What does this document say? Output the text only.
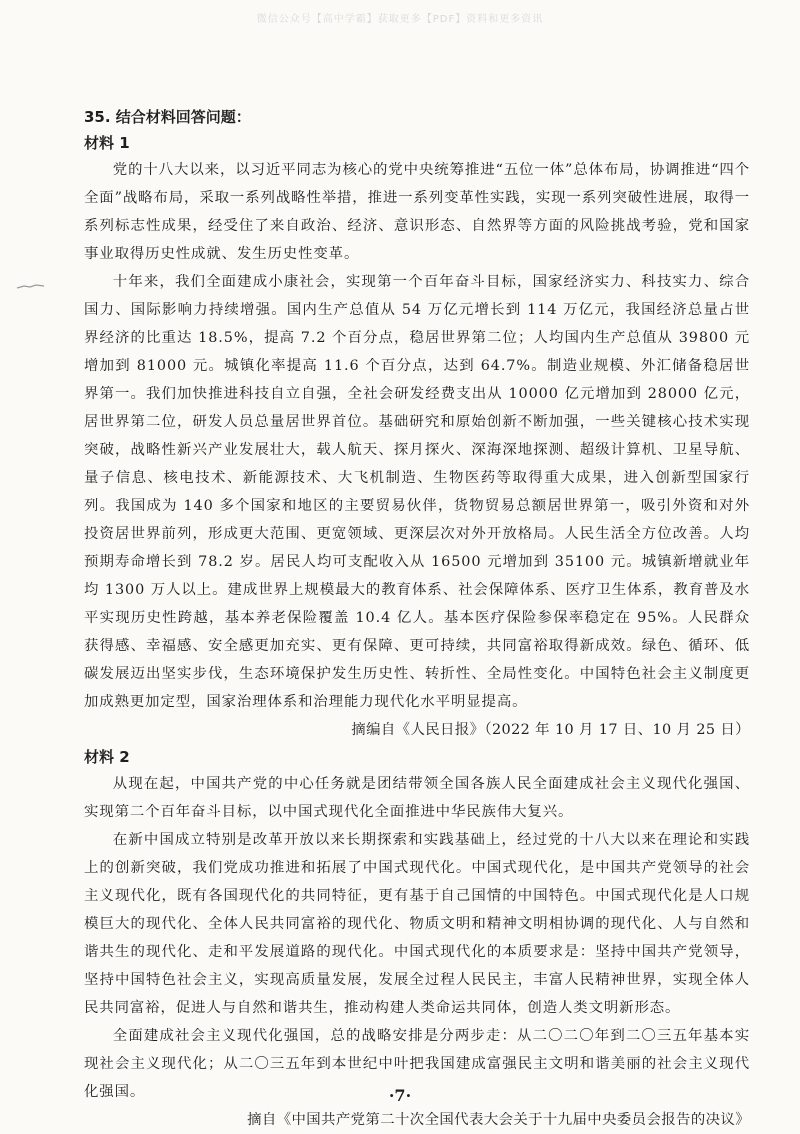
微信公众号【高中学霸】获取更多【PDF】资料和更多资讯
35. 结合材料回答问题：
材料 1

党的十八大以来，以习近平同志为核心的党中央统筹推进“五位一体”总体布局，协调推进“四个全面”战略布局，采取一系列战略性举措，推进一系列变革性实践，实现一系列突破性进展，取得一系列标志性成果，经受住了来自政治、经济、意识形态、自然界等方面的风险挑战考验，党和国家事业取得历史性成就、发生历史性变革。

十年来，我们全面建成小康社会，实现第一个百年奋斗目标，国家经济实力、科技实力、综合国力、国际影响力持续增强。国内生产总值从 54 万亿元增长到 114 万亿元，我国经济总量占世界经济的比重达 18.5%，提高 7.2 个百分点，稳居世界第二位；人均国内生产总值从 39800 元增加到 81000 元。城镇化率提高 11.6 个百分点，达到 64.7%。制造业规模、外汇储备稳居世界第一。我们加快推进科技自立自强，全社会研发经费支出从 10000 亿元增加到 28000 亿元，居世界第二位，研发人员总量居世界首位。基础研究和原始创新不断加强，一些关键核心技术实现突破，战略性新兴产业发展壮大，载人航天、探月探火、深海深地探测、超级计算机、卫星导航、量子信息、核电技术、新能源技术、大飞机制造、生物医药等取得重大成果，进入创新型国家行列。我国成为 140 多个国家和地区的主要贸易伙伴，货物贸易总额居世界第一，吸引外资和对外投资居世界前列，形成更大范围、更宽领域、更深层次对外开放格局。人民生活全方位改善。人均预期寿命增长到 78.2 岁。居民人均可支配收入从 16500 元增加到 35100 元。城镇新增就业年均 1300 万人以上。建成世界上规模最大的教育体系、社会保障体系、医疗卫生体系，教育普及水平实现历史性跨越，基本养老保险覆盖 10.4 亿人。基本医疗保险参保率稳定在 95%。人民群众获得感、幸福感、安全感更加充实、更有保障、更可持续，共同富裕取得新成效。绿色、循环、低碳发展迈出坚实步伐，生态环境保护发生历史性、转折性、全局性变化。中国特色社会主义制度更加成熟更加定型，国家治理体系和治理能力现代化水平明显提高。

摘编自《人民日报》（2022 年 10 月 17 日、10 月 25 日）
材料 2

从现在起，中国共产党的中心任务就是团结带领全国各族人民全面建成社会主义现代化强国、实现第二个百年奋斗目标，以中国式现代化全面推进中华民族伟大复兴。

在新中国成立特别是改革开放以来长期探索和实践基础上，经过党的十八大以来在理论和实践上的创新突破，我们党成功推进和拓展了中国式现代化。中国式现代化，是中国共产党领导的社会主义现代化，既有各国现代化的共同特征，更有基于自己国情的中国特色。中国式现代化是人口规模巨大的现代化、全体人民共同富裕的现代化、物质文明和精神文明相协调的现代化、人与自然和谐共生的现代化、走和平发展道路的现代化。中国式现代化的本质要求是：坚持中国共产党领导，坚持中国特色社会主义，实现高质量发展，发展全过程人民民主，丰富人民精神世界，实现全体人民共同富裕，促进人与自然和谐共生，推动构建人类命运共同体，创造人类文明新形态。

全面建成社会主义现代化强国，总的战略安排是分两步走：从二〇二〇年到二〇三五年基本实现社会主义现代化；从二〇三五年到本世纪中叶把我国建成富强民主文明和谐美丽的社会主义现代化强国。

摘自《中国共产党第二十次全国代表大会关于十九届中央委员会报告的决议》
·7·
